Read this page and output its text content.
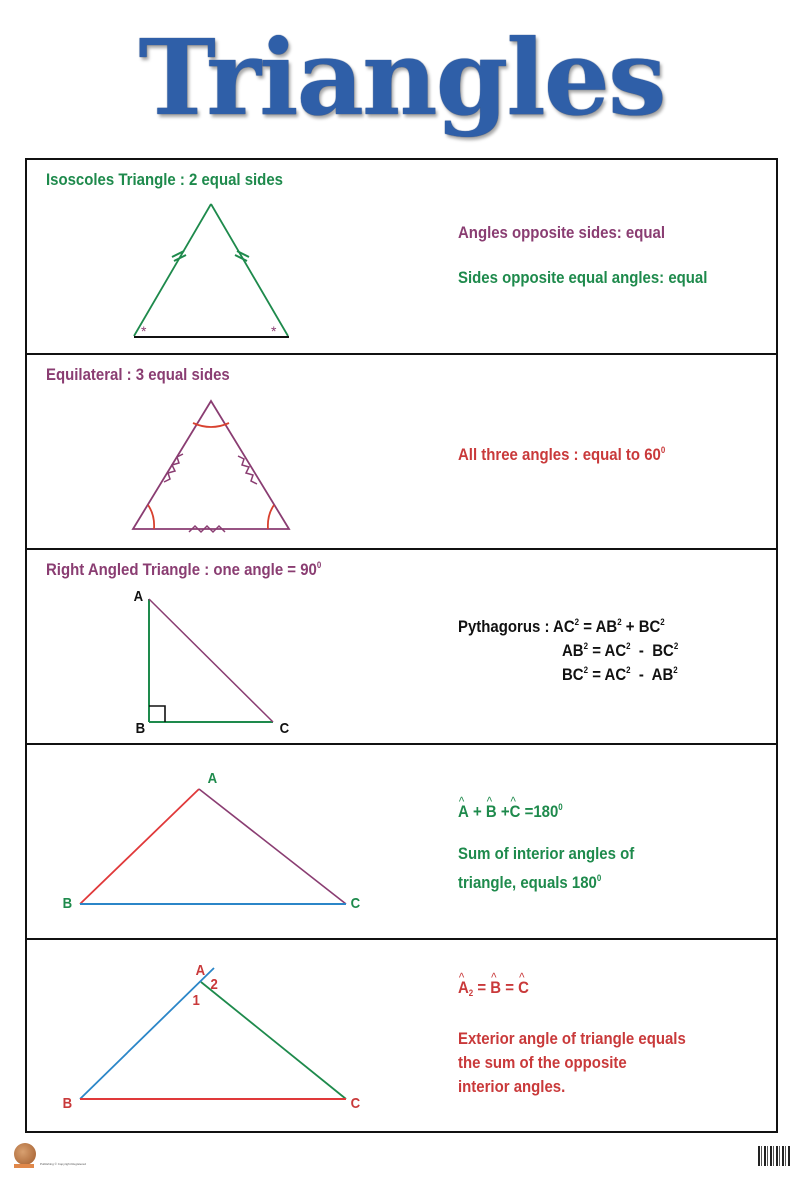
Triangles
Isoscoles Triangle : 2 equal sides
*	*
Angles opposite sides: equal
Sides opposite equal angles: equal
Equilateral : 3 equal sides
All three angles : equal to $60^0$
Right Angled Triangle : one angle = $90^0$
A
B	C
Pythagorus : $AC^2 = AB^2 + BC^2$
$AB^2 = AC^2 - BC^2$
$BC^2 = AC^2 - AB^2$
A
B	C
^ A + ^ B +^ $C =180^0$
Sum of interior angles of
triangle, equals $180^0$
A
2
1
B	C
^ $A_2$ = ^ B = ^ C
Exterior angle of triangle equals
the sum of the opposite
interior angles.
Publishing © Copyright Registered
